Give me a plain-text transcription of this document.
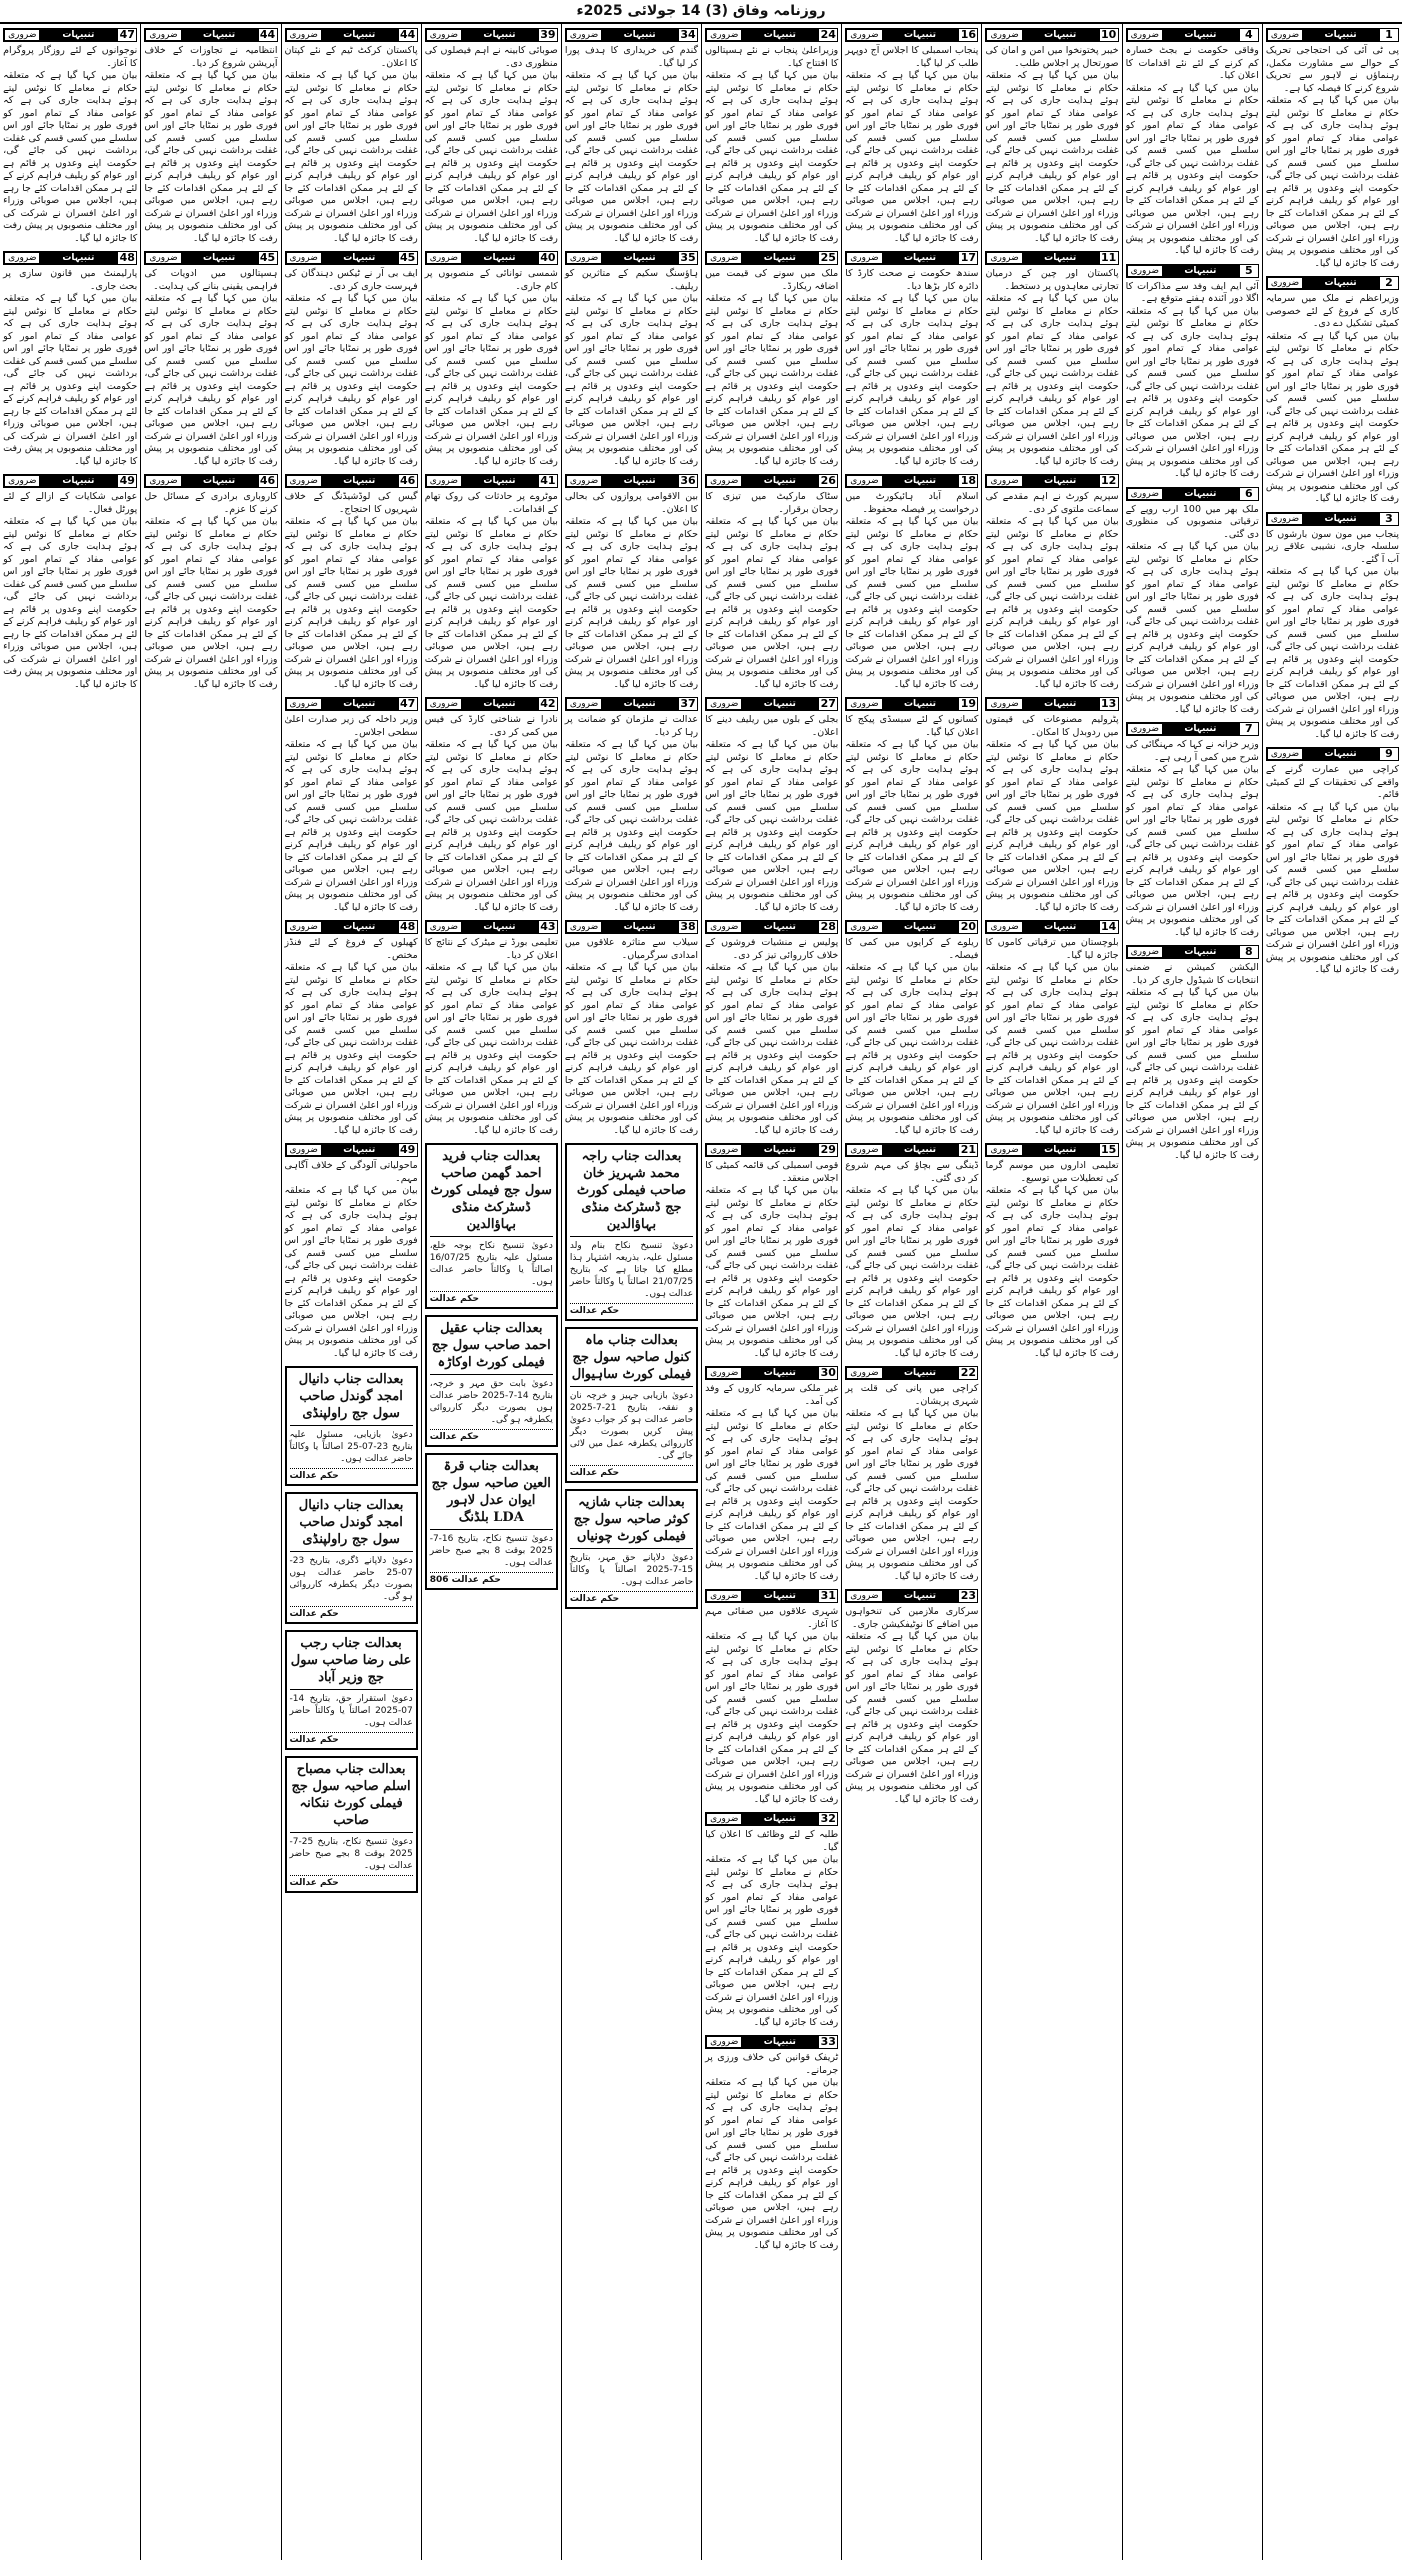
روزنامہ وفاق (3) 14 جولائی 2025ء
1
تنبیہات
ضروری
پی ٹی آئی کی احتجاجی تحریک کے حوالے سے مشاورت مکمل، رہنماؤں نے لاہور سے تحریک شروع کرنے کا فیصلہ کیا ہے۔
بیان میں کہا گیا ہے کہ متعلقہ حکام نے معاملے کا نوٹس لیتے ہوئے ہدایت جاری کی ہے کہ عوامی مفاد کے تمام امور کو فوری طور پر نمٹایا جائے اور اس سلسلے میں کسی قسم کی غفلت برداشت نہیں کی جائے گی، حکومت اپنے وعدوں پر قائم ہے اور عوام کو ریلیف فراہم کرنے کے لئے ہر ممکن اقدامات کئے جا رہے ہیں، اجلاس میں صوبائی وزراء اور اعلیٰ افسران نے شرکت کی اور مختلف منصوبوں پر پیش رفت کا جائزہ لیا گیا۔
2
تنبیہات
ضروری
وزیراعظم نے ملک میں سرمایہ کاری کے فروغ کے لئے خصوصی کمیٹی تشکیل دے دی۔
بیان میں کہا گیا ہے کہ متعلقہ حکام نے معاملے کا نوٹس لیتے ہوئے ہدایت جاری کی ہے کہ عوامی مفاد کے تمام امور کو فوری طور پر نمٹایا جائے اور اس سلسلے میں کسی قسم کی غفلت برداشت نہیں کی جائے گی، حکومت اپنے وعدوں پر قائم ہے اور عوام کو ریلیف فراہم کرنے کے لئے ہر ممکن اقدامات کئے جا رہے ہیں، اجلاس میں صوبائی وزراء اور اعلیٰ افسران نے شرکت کی اور مختلف منصوبوں پر پیش رفت کا جائزہ لیا گیا۔
3
تنبیہات
ضروری
پنجاب میں مون سون بارشوں کا سلسلہ جاری، نشیبی علاقے زیر آب آ گئے۔
بیان میں کہا گیا ہے کہ متعلقہ حکام نے معاملے کا نوٹس لیتے ہوئے ہدایت جاری کی ہے کہ عوامی مفاد کے تمام امور کو فوری طور پر نمٹایا جائے اور اس سلسلے میں کسی قسم کی غفلت برداشت نہیں کی جائے گی، حکومت اپنے وعدوں پر قائم ہے اور عوام کو ریلیف فراہم کرنے کے لئے ہر ممکن اقدامات کئے جا رہے ہیں، اجلاس میں صوبائی وزراء اور اعلیٰ افسران نے شرکت کی اور مختلف منصوبوں پر پیش رفت کا جائزہ لیا گیا۔
9
تنبیہات
ضروری
کراچی میں عمارت گرنے کے واقعے کی تحقیقات کے لئے کمیٹی قائم۔
بیان میں کہا گیا ہے کہ متعلقہ حکام نے معاملے کا نوٹس لیتے ہوئے ہدایت جاری کی ہے کہ عوامی مفاد کے تمام امور کو فوری طور پر نمٹایا جائے اور اس سلسلے میں کسی قسم کی غفلت برداشت نہیں کی جائے گی، حکومت اپنے وعدوں پر قائم ہے اور عوام کو ریلیف فراہم کرنے کے لئے ہر ممکن اقدامات کئے جا رہے ہیں، اجلاس میں صوبائی وزراء اور اعلیٰ افسران نے شرکت کی اور مختلف منصوبوں پر پیش رفت کا جائزہ لیا گیا۔
4
تنبیہات
ضروری
وفاقی حکومت نے بجٹ خسارہ کم کرنے کے لئے نئے اقدامات کا اعلان کیا۔
بیان میں کہا گیا ہے کہ متعلقہ حکام نے معاملے کا نوٹس لیتے ہوئے ہدایت جاری کی ہے کہ عوامی مفاد کے تمام امور کو فوری طور پر نمٹایا جائے اور اس سلسلے میں کسی قسم کی غفلت برداشت نہیں کی جائے گی، حکومت اپنے وعدوں پر قائم ہے اور عوام کو ریلیف فراہم کرنے کے لئے ہر ممکن اقدامات کئے جا رہے ہیں، اجلاس میں صوبائی وزراء اور اعلیٰ افسران نے شرکت کی اور مختلف منصوبوں پر پیش رفت کا جائزہ لیا گیا۔
5
تنبیہات
ضروری
آئی ایم ایف وفد سے مذاکرات کا اگلا دور آئندہ ہفتے متوقع ہے۔
بیان میں کہا گیا ہے کہ متعلقہ حکام نے معاملے کا نوٹس لیتے ہوئے ہدایت جاری کی ہے کہ عوامی مفاد کے تمام امور کو فوری طور پر نمٹایا جائے اور اس سلسلے میں کسی قسم کی غفلت برداشت نہیں کی جائے گی، حکومت اپنے وعدوں پر قائم ہے اور عوام کو ریلیف فراہم کرنے کے لئے ہر ممکن اقدامات کئے جا رہے ہیں، اجلاس میں صوبائی وزراء اور اعلیٰ افسران نے شرکت کی اور مختلف منصوبوں پر پیش رفت کا جائزہ لیا گیا۔
6
تنبیہات
ضروری
ملک بھر میں 100 ارب روپے کے ترقیاتی منصوبوں کی منظوری دی گئی۔
بیان میں کہا گیا ہے کہ متعلقہ حکام نے معاملے کا نوٹس لیتے ہوئے ہدایت جاری کی ہے کہ عوامی مفاد کے تمام امور کو فوری طور پر نمٹایا جائے اور اس سلسلے میں کسی قسم کی غفلت برداشت نہیں کی جائے گی، حکومت اپنے وعدوں پر قائم ہے اور عوام کو ریلیف فراہم کرنے کے لئے ہر ممکن اقدامات کئے جا رہے ہیں، اجلاس میں صوبائی وزراء اور اعلیٰ افسران نے شرکت کی اور مختلف منصوبوں پر پیش رفت کا جائزہ لیا گیا۔
7
تنبیہات
ضروری
وزیر خزانہ نے کہا کہ مہنگائی کی شرح میں کمی آ رہی ہے۔
بیان میں کہا گیا ہے کہ متعلقہ حکام نے معاملے کا نوٹس لیتے ہوئے ہدایت جاری کی ہے کہ عوامی مفاد کے تمام امور کو فوری طور پر نمٹایا جائے اور اس سلسلے میں کسی قسم کی غفلت برداشت نہیں کی جائے گی، حکومت اپنے وعدوں پر قائم ہے اور عوام کو ریلیف فراہم کرنے کے لئے ہر ممکن اقدامات کئے جا رہے ہیں، اجلاس میں صوبائی وزراء اور اعلیٰ افسران نے شرکت کی اور مختلف منصوبوں پر پیش رفت کا جائزہ لیا گیا۔
8
تنبیہات
ضروری
الیکشن کمیشن نے ضمنی انتخابات کا شیڈول جاری کر دیا۔
بیان میں کہا گیا ہے کہ متعلقہ حکام نے معاملے کا نوٹس لیتے ہوئے ہدایت جاری کی ہے کہ عوامی مفاد کے تمام امور کو فوری طور پر نمٹایا جائے اور اس سلسلے میں کسی قسم کی غفلت برداشت نہیں کی جائے گی، حکومت اپنے وعدوں پر قائم ہے اور عوام کو ریلیف فراہم کرنے کے لئے ہر ممکن اقدامات کئے جا رہے ہیں، اجلاس میں صوبائی وزراء اور اعلیٰ افسران نے شرکت کی اور مختلف منصوبوں پر پیش رفت کا جائزہ لیا گیا۔
10
تنبیہات
ضروری
خیبر پختونخوا میں امن و امان کی صورتحال پر اجلاس طلب۔
بیان میں کہا گیا ہے کہ متعلقہ حکام نے معاملے کا نوٹس لیتے ہوئے ہدایت جاری کی ہے کہ عوامی مفاد کے تمام امور کو فوری طور پر نمٹایا جائے اور اس سلسلے میں کسی قسم کی غفلت برداشت نہیں کی جائے گی، حکومت اپنے وعدوں پر قائم ہے اور عوام کو ریلیف فراہم کرنے کے لئے ہر ممکن اقدامات کئے جا رہے ہیں، اجلاس میں صوبائی وزراء اور اعلیٰ افسران نے شرکت کی اور مختلف منصوبوں پر پیش رفت کا جائزہ لیا گیا۔
11
تنبیہات
ضروری
پاکستان اور چین کے درمیان تجارتی معاہدوں پر دستخط۔
بیان میں کہا گیا ہے کہ متعلقہ حکام نے معاملے کا نوٹس لیتے ہوئے ہدایت جاری کی ہے کہ عوامی مفاد کے تمام امور کو فوری طور پر نمٹایا جائے اور اس سلسلے میں کسی قسم کی غفلت برداشت نہیں کی جائے گی، حکومت اپنے وعدوں پر قائم ہے اور عوام کو ریلیف فراہم کرنے کے لئے ہر ممکن اقدامات کئے جا رہے ہیں، اجلاس میں صوبائی وزراء اور اعلیٰ افسران نے شرکت کی اور مختلف منصوبوں پر پیش رفت کا جائزہ لیا گیا۔
12
تنبیہات
ضروری
سپریم کورٹ نے اہم مقدمے کی سماعت ملتوی کر دی۔
بیان میں کہا گیا ہے کہ متعلقہ حکام نے معاملے کا نوٹس لیتے ہوئے ہدایت جاری کی ہے کہ عوامی مفاد کے تمام امور کو فوری طور پر نمٹایا جائے اور اس سلسلے میں کسی قسم کی غفلت برداشت نہیں کی جائے گی، حکومت اپنے وعدوں پر قائم ہے اور عوام کو ریلیف فراہم کرنے کے لئے ہر ممکن اقدامات کئے جا رہے ہیں، اجلاس میں صوبائی وزراء اور اعلیٰ افسران نے شرکت کی اور مختلف منصوبوں پر پیش رفت کا جائزہ لیا گیا۔
13
تنبیہات
ضروری
پٹرولیم مصنوعات کی قیمتوں میں ردوبدل کا امکان۔
بیان میں کہا گیا ہے کہ متعلقہ حکام نے معاملے کا نوٹس لیتے ہوئے ہدایت جاری کی ہے کہ عوامی مفاد کے تمام امور کو فوری طور پر نمٹایا جائے اور اس سلسلے میں کسی قسم کی غفلت برداشت نہیں کی جائے گی، حکومت اپنے وعدوں پر قائم ہے اور عوام کو ریلیف فراہم کرنے کے لئے ہر ممکن اقدامات کئے جا رہے ہیں، اجلاس میں صوبائی وزراء اور اعلیٰ افسران نے شرکت کی اور مختلف منصوبوں پر پیش رفت کا جائزہ لیا گیا۔
14
تنبیہات
ضروری
بلوچستان میں ترقیاتی کاموں کا جائزہ لیا گیا۔
بیان میں کہا گیا ہے کہ متعلقہ حکام نے معاملے کا نوٹس لیتے ہوئے ہدایت جاری کی ہے کہ عوامی مفاد کے تمام امور کو فوری طور پر نمٹایا جائے اور اس سلسلے میں کسی قسم کی غفلت برداشت نہیں کی جائے گی، حکومت اپنے وعدوں پر قائم ہے اور عوام کو ریلیف فراہم کرنے کے لئے ہر ممکن اقدامات کئے جا رہے ہیں، اجلاس میں صوبائی وزراء اور اعلیٰ افسران نے شرکت کی اور مختلف منصوبوں پر پیش رفت کا جائزہ لیا گیا۔
15
تنبیہات
ضروری
تعلیمی اداروں میں موسم گرما کی تعطیلات میں توسیع۔
بیان میں کہا گیا ہے کہ متعلقہ حکام نے معاملے کا نوٹس لیتے ہوئے ہدایت جاری کی ہے کہ عوامی مفاد کے تمام امور کو فوری طور پر نمٹایا جائے اور اس سلسلے میں کسی قسم کی غفلت برداشت نہیں کی جائے گی، حکومت اپنے وعدوں پر قائم ہے اور عوام کو ریلیف فراہم کرنے کے لئے ہر ممکن اقدامات کئے جا رہے ہیں، اجلاس میں صوبائی وزراء اور اعلیٰ افسران نے شرکت کی اور مختلف منصوبوں پر پیش رفت کا جائزہ لیا گیا۔
16
تنبیہات
ضروری
پنجاب اسمبلی کا اجلاس آج دوپہر طلب کر لیا گیا۔
بیان میں کہا گیا ہے کہ متعلقہ حکام نے معاملے کا نوٹس لیتے ہوئے ہدایت جاری کی ہے کہ عوامی مفاد کے تمام امور کو فوری طور پر نمٹایا جائے اور اس سلسلے میں کسی قسم کی غفلت برداشت نہیں کی جائے گی، حکومت اپنے وعدوں پر قائم ہے اور عوام کو ریلیف فراہم کرنے کے لئے ہر ممکن اقدامات کئے جا رہے ہیں، اجلاس میں صوبائی وزراء اور اعلیٰ افسران نے شرکت کی اور مختلف منصوبوں پر پیش رفت کا جائزہ لیا گیا۔
17
تنبیہات
ضروری
سندھ حکومت نے صحت کارڈ کا دائرہ کار بڑھا دیا۔
بیان میں کہا گیا ہے کہ متعلقہ حکام نے معاملے کا نوٹس لیتے ہوئے ہدایت جاری کی ہے کہ عوامی مفاد کے تمام امور کو فوری طور پر نمٹایا جائے اور اس سلسلے میں کسی قسم کی غفلت برداشت نہیں کی جائے گی، حکومت اپنے وعدوں پر قائم ہے اور عوام کو ریلیف فراہم کرنے کے لئے ہر ممکن اقدامات کئے جا رہے ہیں، اجلاس میں صوبائی وزراء اور اعلیٰ افسران نے شرکت کی اور مختلف منصوبوں پر پیش رفت کا جائزہ لیا گیا۔
18
تنبیہات
ضروری
اسلام آباد ہائیکورٹ میں درخواست پر فیصلہ محفوظ۔
بیان میں کہا گیا ہے کہ متعلقہ حکام نے معاملے کا نوٹس لیتے ہوئے ہدایت جاری کی ہے کہ عوامی مفاد کے تمام امور کو فوری طور پر نمٹایا جائے اور اس سلسلے میں کسی قسم کی غفلت برداشت نہیں کی جائے گی، حکومت اپنے وعدوں پر قائم ہے اور عوام کو ریلیف فراہم کرنے کے لئے ہر ممکن اقدامات کئے جا رہے ہیں، اجلاس میں صوبائی وزراء اور اعلیٰ افسران نے شرکت کی اور مختلف منصوبوں پر پیش رفت کا جائزہ لیا گیا۔
19
تنبیہات
ضروری
کسانوں کے لئے سبسڈی پیکج کا اعلان کیا گیا۔
بیان میں کہا گیا ہے کہ متعلقہ حکام نے معاملے کا نوٹس لیتے ہوئے ہدایت جاری کی ہے کہ عوامی مفاد کے تمام امور کو فوری طور پر نمٹایا جائے اور اس سلسلے میں کسی قسم کی غفلت برداشت نہیں کی جائے گی، حکومت اپنے وعدوں پر قائم ہے اور عوام کو ریلیف فراہم کرنے کے لئے ہر ممکن اقدامات کئے جا رہے ہیں، اجلاس میں صوبائی وزراء اور اعلیٰ افسران نے شرکت کی اور مختلف منصوبوں پر پیش رفت کا جائزہ لیا گیا۔
20
تنبیہات
ضروری
ریلوے کے کرایوں میں کمی کا فیصلہ۔
بیان میں کہا گیا ہے کہ متعلقہ حکام نے معاملے کا نوٹس لیتے ہوئے ہدایت جاری کی ہے کہ عوامی مفاد کے تمام امور کو فوری طور پر نمٹایا جائے اور اس سلسلے میں کسی قسم کی غفلت برداشت نہیں کی جائے گی، حکومت اپنے وعدوں پر قائم ہے اور عوام کو ریلیف فراہم کرنے کے لئے ہر ممکن اقدامات کئے جا رہے ہیں، اجلاس میں صوبائی وزراء اور اعلیٰ افسران نے شرکت کی اور مختلف منصوبوں پر پیش رفت کا جائزہ لیا گیا۔
21
تنبیہات
ضروری
ڈینگی سے بچاؤ کی مہم شروع کر دی گئی۔
بیان میں کہا گیا ہے کہ متعلقہ حکام نے معاملے کا نوٹس لیتے ہوئے ہدایت جاری کی ہے کہ عوامی مفاد کے تمام امور کو فوری طور پر نمٹایا جائے اور اس سلسلے میں کسی قسم کی غفلت برداشت نہیں کی جائے گی، حکومت اپنے وعدوں پر قائم ہے اور عوام کو ریلیف فراہم کرنے کے لئے ہر ممکن اقدامات کئے جا رہے ہیں، اجلاس میں صوبائی وزراء اور اعلیٰ افسران نے شرکت کی اور مختلف منصوبوں پر پیش رفت کا جائزہ لیا گیا۔
22
تنبیہات
ضروری
کراچی میں پانی کی قلت پر شہری پریشان۔
بیان میں کہا گیا ہے کہ متعلقہ حکام نے معاملے کا نوٹس لیتے ہوئے ہدایت جاری کی ہے کہ عوامی مفاد کے تمام امور کو فوری طور پر نمٹایا جائے اور اس سلسلے میں کسی قسم کی غفلت برداشت نہیں کی جائے گی، حکومت اپنے وعدوں پر قائم ہے اور عوام کو ریلیف فراہم کرنے کے لئے ہر ممکن اقدامات کئے جا رہے ہیں، اجلاس میں صوبائی وزراء اور اعلیٰ افسران نے شرکت کی اور مختلف منصوبوں پر پیش رفت کا جائزہ لیا گیا۔
23
تنبیہات
ضروری
سرکاری ملازمین کی تنخواہوں میں اضافے کا نوٹیفکیشن جاری۔
بیان میں کہا گیا ہے کہ متعلقہ حکام نے معاملے کا نوٹس لیتے ہوئے ہدایت جاری کی ہے کہ عوامی مفاد کے تمام امور کو فوری طور پر نمٹایا جائے اور اس سلسلے میں کسی قسم کی غفلت برداشت نہیں کی جائے گی، حکومت اپنے وعدوں پر قائم ہے اور عوام کو ریلیف فراہم کرنے کے لئے ہر ممکن اقدامات کئے جا رہے ہیں، اجلاس میں صوبائی وزراء اور اعلیٰ افسران نے شرکت کی اور مختلف منصوبوں پر پیش رفت کا جائزہ لیا گیا۔
24
تنبیہات
ضروری
وزیراعلیٰ پنجاب نے نئے ہسپتالوں کا افتتاح کیا۔
بیان میں کہا گیا ہے کہ متعلقہ حکام نے معاملے کا نوٹس لیتے ہوئے ہدایت جاری کی ہے کہ عوامی مفاد کے تمام امور کو فوری طور پر نمٹایا جائے اور اس سلسلے میں کسی قسم کی غفلت برداشت نہیں کی جائے گی، حکومت اپنے وعدوں پر قائم ہے اور عوام کو ریلیف فراہم کرنے کے لئے ہر ممکن اقدامات کئے جا رہے ہیں، اجلاس میں صوبائی وزراء اور اعلیٰ افسران نے شرکت کی اور مختلف منصوبوں پر پیش رفت کا جائزہ لیا گیا۔
25
تنبیہات
ضروری
ملک میں سونے کی قیمت میں اضافہ ریکارڈ۔
بیان میں کہا گیا ہے کہ متعلقہ حکام نے معاملے کا نوٹس لیتے ہوئے ہدایت جاری کی ہے کہ عوامی مفاد کے تمام امور کو فوری طور پر نمٹایا جائے اور اس سلسلے میں کسی قسم کی غفلت برداشت نہیں کی جائے گی، حکومت اپنے وعدوں پر قائم ہے اور عوام کو ریلیف فراہم کرنے کے لئے ہر ممکن اقدامات کئے جا رہے ہیں، اجلاس میں صوبائی وزراء اور اعلیٰ افسران نے شرکت کی اور مختلف منصوبوں پر پیش رفت کا جائزہ لیا گیا۔
26
تنبیہات
ضروری
سٹاک مارکیٹ میں تیزی کا رجحان برقرار۔
بیان میں کہا گیا ہے کہ متعلقہ حکام نے معاملے کا نوٹس لیتے ہوئے ہدایت جاری کی ہے کہ عوامی مفاد کے تمام امور کو فوری طور پر نمٹایا جائے اور اس سلسلے میں کسی قسم کی غفلت برداشت نہیں کی جائے گی، حکومت اپنے وعدوں پر قائم ہے اور عوام کو ریلیف فراہم کرنے کے لئے ہر ممکن اقدامات کئے جا رہے ہیں، اجلاس میں صوبائی وزراء اور اعلیٰ افسران نے شرکت کی اور مختلف منصوبوں پر پیش رفت کا جائزہ لیا گیا۔
27
تنبیہات
ضروری
بجلی کے بلوں میں ریلیف دینے کا اعلان۔
بیان میں کہا گیا ہے کہ متعلقہ حکام نے معاملے کا نوٹس لیتے ہوئے ہدایت جاری کی ہے کہ عوامی مفاد کے تمام امور کو فوری طور پر نمٹایا جائے اور اس سلسلے میں کسی قسم کی غفلت برداشت نہیں کی جائے گی، حکومت اپنے وعدوں پر قائم ہے اور عوام کو ریلیف فراہم کرنے کے لئے ہر ممکن اقدامات کئے جا رہے ہیں، اجلاس میں صوبائی وزراء اور اعلیٰ افسران نے شرکت کی اور مختلف منصوبوں پر پیش رفت کا جائزہ لیا گیا۔
28
تنبیہات
ضروری
پولیس نے منشیات فروشوں کے خلاف کارروائی تیز کر دی۔
بیان میں کہا گیا ہے کہ متعلقہ حکام نے معاملے کا نوٹس لیتے ہوئے ہدایت جاری کی ہے کہ عوامی مفاد کے تمام امور کو فوری طور پر نمٹایا جائے اور اس سلسلے میں کسی قسم کی غفلت برداشت نہیں کی جائے گی، حکومت اپنے وعدوں پر قائم ہے اور عوام کو ریلیف فراہم کرنے کے لئے ہر ممکن اقدامات کئے جا رہے ہیں، اجلاس میں صوبائی وزراء اور اعلیٰ افسران نے شرکت کی اور مختلف منصوبوں پر پیش رفت کا جائزہ لیا گیا۔
29
تنبیہات
ضروری
قومی اسمبلی کی قائمہ کمیٹی کا اجلاس منعقد۔
بیان میں کہا گیا ہے کہ متعلقہ حکام نے معاملے کا نوٹس لیتے ہوئے ہدایت جاری کی ہے کہ عوامی مفاد کے تمام امور کو فوری طور پر نمٹایا جائے اور اس سلسلے میں کسی قسم کی غفلت برداشت نہیں کی جائے گی، حکومت اپنے وعدوں پر قائم ہے اور عوام کو ریلیف فراہم کرنے کے لئے ہر ممکن اقدامات کئے جا رہے ہیں، اجلاس میں صوبائی وزراء اور اعلیٰ افسران نے شرکت کی اور مختلف منصوبوں پر پیش رفت کا جائزہ لیا گیا۔
30
تنبیہات
ضروری
غیر ملکی سرمایہ کاروں کے وفد کی آمد۔
بیان میں کہا گیا ہے کہ متعلقہ حکام نے معاملے کا نوٹس لیتے ہوئے ہدایت جاری کی ہے کہ عوامی مفاد کے تمام امور کو فوری طور پر نمٹایا جائے اور اس سلسلے میں کسی قسم کی غفلت برداشت نہیں کی جائے گی، حکومت اپنے وعدوں پر قائم ہے اور عوام کو ریلیف فراہم کرنے کے لئے ہر ممکن اقدامات کئے جا رہے ہیں، اجلاس میں صوبائی وزراء اور اعلیٰ افسران نے شرکت کی اور مختلف منصوبوں پر پیش رفت کا جائزہ لیا گیا۔
31
تنبیہات
ضروری
شہری علاقوں میں صفائی مہم کا آغاز۔
بیان میں کہا گیا ہے کہ متعلقہ حکام نے معاملے کا نوٹس لیتے ہوئے ہدایت جاری کی ہے کہ عوامی مفاد کے تمام امور کو فوری طور پر نمٹایا جائے اور اس سلسلے میں کسی قسم کی غفلت برداشت نہیں کی جائے گی، حکومت اپنے وعدوں پر قائم ہے اور عوام کو ریلیف فراہم کرنے کے لئے ہر ممکن اقدامات کئے جا رہے ہیں، اجلاس میں صوبائی وزراء اور اعلیٰ افسران نے شرکت کی اور مختلف منصوبوں پر پیش رفت کا جائزہ لیا گیا۔
32
تنبیہات
ضروری
طلبہ کے لئے وظائف کا اعلان کیا گیا۔
بیان میں کہا گیا ہے کہ متعلقہ حکام نے معاملے کا نوٹس لیتے ہوئے ہدایت جاری کی ہے کہ عوامی مفاد کے تمام امور کو فوری طور پر نمٹایا جائے اور اس سلسلے میں کسی قسم کی غفلت برداشت نہیں کی جائے گی، حکومت اپنے وعدوں پر قائم ہے اور عوام کو ریلیف فراہم کرنے کے لئے ہر ممکن اقدامات کئے جا رہے ہیں، اجلاس میں صوبائی وزراء اور اعلیٰ افسران نے شرکت کی اور مختلف منصوبوں پر پیش رفت کا جائزہ لیا گیا۔
33
تنبیہات
ضروری
ٹریفک قوانین کی خلاف ورزی پر جرمانے۔
بیان میں کہا گیا ہے کہ متعلقہ حکام نے معاملے کا نوٹس لیتے ہوئے ہدایت جاری کی ہے کہ عوامی مفاد کے تمام امور کو فوری طور پر نمٹایا جائے اور اس سلسلے میں کسی قسم کی غفلت برداشت نہیں کی جائے گی، حکومت اپنے وعدوں پر قائم ہے اور عوام کو ریلیف فراہم کرنے کے لئے ہر ممکن اقدامات کئے جا رہے ہیں، اجلاس میں صوبائی وزراء اور اعلیٰ افسران نے شرکت کی اور مختلف منصوبوں پر پیش رفت کا جائزہ لیا گیا۔
34
تنبیہات
ضروری
گندم کی خریداری کا ہدف پورا کر لیا گیا۔
بیان میں کہا گیا ہے کہ متعلقہ حکام نے معاملے کا نوٹس لیتے ہوئے ہدایت جاری کی ہے کہ عوامی مفاد کے تمام امور کو فوری طور پر نمٹایا جائے اور اس سلسلے میں کسی قسم کی غفلت برداشت نہیں کی جائے گی، حکومت اپنے وعدوں پر قائم ہے اور عوام کو ریلیف فراہم کرنے کے لئے ہر ممکن اقدامات کئے جا رہے ہیں، اجلاس میں صوبائی وزراء اور اعلیٰ افسران نے شرکت کی اور مختلف منصوبوں پر پیش رفت کا جائزہ لیا گیا۔
35
تنبیہات
ضروری
ہاؤسنگ سکیم کے متاثرین کو ریلیف۔
بیان میں کہا گیا ہے کہ متعلقہ حکام نے معاملے کا نوٹس لیتے ہوئے ہدایت جاری کی ہے کہ عوامی مفاد کے تمام امور کو فوری طور پر نمٹایا جائے اور اس سلسلے میں کسی قسم کی غفلت برداشت نہیں کی جائے گی، حکومت اپنے وعدوں پر قائم ہے اور عوام کو ریلیف فراہم کرنے کے لئے ہر ممکن اقدامات کئے جا رہے ہیں، اجلاس میں صوبائی وزراء اور اعلیٰ افسران نے شرکت کی اور مختلف منصوبوں پر پیش رفت کا جائزہ لیا گیا۔
36
تنبیہات
ضروری
بین الاقوامی پروازوں کی بحالی کا اعلان۔
بیان میں کہا گیا ہے کہ متعلقہ حکام نے معاملے کا نوٹس لیتے ہوئے ہدایت جاری کی ہے کہ عوامی مفاد کے تمام امور کو فوری طور پر نمٹایا جائے اور اس سلسلے میں کسی قسم کی غفلت برداشت نہیں کی جائے گی، حکومت اپنے وعدوں پر قائم ہے اور عوام کو ریلیف فراہم کرنے کے لئے ہر ممکن اقدامات کئے جا رہے ہیں، اجلاس میں صوبائی وزراء اور اعلیٰ افسران نے شرکت کی اور مختلف منصوبوں پر پیش رفت کا جائزہ لیا گیا۔
37
تنبیہات
ضروری
عدالت نے ملزمان کو ضمانت پر رہا کر دیا۔
بیان میں کہا گیا ہے کہ متعلقہ حکام نے معاملے کا نوٹس لیتے ہوئے ہدایت جاری کی ہے کہ عوامی مفاد کے تمام امور کو فوری طور پر نمٹایا جائے اور اس سلسلے میں کسی قسم کی غفلت برداشت نہیں کی جائے گی، حکومت اپنے وعدوں پر قائم ہے اور عوام کو ریلیف فراہم کرنے کے لئے ہر ممکن اقدامات کئے جا رہے ہیں، اجلاس میں صوبائی وزراء اور اعلیٰ افسران نے شرکت کی اور مختلف منصوبوں پر پیش رفت کا جائزہ لیا گیا۔
38
تنبیہات
ضروری
سیلاب سے متاثرہ علاقوں میں امدادی سرگرمیاں۔
بیان میں کہا گیا ہے کہ متعلقہ حکام نے معاملے کا نوٹس لیتے ہوئے ہدایت جاری کی ہے کہ عوامی مفاد کے تمام امور کو فوری طور پر نمٹایا جائے اور اس سلسلے میں کسی قسم کی غفلت برداشت نہیں کی جائے گی، حکومت اپنے وعدوں پر قائم ہے اور عوام کو ریلیف فراہم کرنے کے لئے ہر ممکن اقدامات کئے جا رہے ہیں، اجلاس میں صوبائی وزراء اور اعلیٰ افسران نے شرکت کی اور مختلف منصوبوں پر پیش رفت کا جائزہ لیا گیا۔
بعدالت جناب راجہ محمد شہریز خان صاحب فیملی کورٹ جج ڈسٹرکٹ منڈی بہاؤالدین
دعویٰ تنسیخ نکاح بنام ولد مسئول علیہ، بذریعہ اشتہار ہذا مطلع کیا جاتا ہے کہ بتاریخ 21/07/25 اصالتاً یا وکالتاً حاضر عدالت ہوں۔
حکم عدالت
بعدالت جناب ماہ کنول صاحبہ سول جج فیملی کورٹ ساہیوال
دعویٰ بازیابی جہیز و خرچہ نان و نفقہ، بتاریخ 21-7-2025 حاضر عدالت ہو کر جواب دعویٰ پیش کریں بصورت دیگر کارروائی یکطرفہ عمل میں لائی جائے گی۔
حکم عدالت
بعدالت جناب شازیہ کوثر صاحبہ سول جج فیملی کورٹ چونیاں
دعویٰ دلاپانے حق مہر، بتاریخ 15-7-2025 اصالتاً یا وکالتاً حاضر عدالت ہوں۔
حکم عدالت
39
تنبیہات
ضروری
صوبائی کابینہ نے اہم فیصلوں کی منظوری دی۔
بیان میں کہا گیا ہے کہ متعلقہ حکام نے معاملے کا نوٹس لیتے ہوئے ہدایت جاری کی ہے کہ عوامی مفاد کے تمام امور کو فوری طور پر نمٹایا جائے اور اس سلسلے میں کسی قسم کی غفلت برداشت نہیں کی جائے گی، حکومت اپنے وعدوں پر قائم ہے اور عوام کو ریلیف فراہم کرنے کے لئے ہر ممکن اقدامات کئے جا رہے ہیں، اجلاس میں صوبائی وزراء اور اعلیٰ افسران نے شرکت کی اور مختلف منصوبوں پر پیش رفت کا جائزہ لیا گیا۔
40
تنبیہات
ضروری
شمسی توانائی کے منصوبوں پر کام جاری۔
بیان میں کہا گیا ہے کہ متعلقہ حکام نے معاملے کا نوٹس لیتے ہوئے ہدایت جاری کی ہے کہ عوامی مفاد کے تمام امور کو فوری طور پر نمٹایا جائے اور اس سلسلے میں کسی قسم کی غفلت برداشت نہیں کی جائے گی، حکومت اپنے وعدوں پر قائم ہے اور عوام کو ریلیف فراہم کرنے کے لئے ہر ممکن اقدامات کئے جا رہے ہیں، اجلاس میں صوبائی وزراء اور اعلیٰ افسران نے شرکت کی اور مختلف منصوبوں پر پیش رفت کا جائزہ لیا گیا۔
41
تنبیہات
ضروری
موٹروے پر حادثات کی روک تھام کے اقدامات۔
بیان میں کہا گیا ہے کہ متعلقہ حکام نے معاملے کا نوٹس لیتے ہوئے ہدایت جاری کی ہے کہ عوامی مفاد کے تمام امور کو فوری طور پر نمٹایا جائے اور اس سلسلے میں کسی قسم کی غفلت برداشت نہیں کی جائے گی، حکومت اپنے وعدوں پر قائم ہے اور عوام کو ریلیف فراہم کرنے کے لئے ہر ممکن اقدامات کئے جا رہے ہیں، اجلاس میں صوبائی وزراء اور اعلیٰ افسران نے شرکت کی اور مختلف منصوبوں پر پیش رفت کا جائزہ لیا گیا۔
42
تنبیہات
ضروری
نادرا نے شناختی کارڈ کی فیس میں کمی کر دی۔
بیان میں کہا گیا ہے کہ متعلقہ حکام نے معاملے کا نوٹس لیتے ہوئے ہدایت جاری کی ہے کہ عوامی مفاد کے تمام امور کو فوری طور پر نمٹایا جائے اور اس سلسلے میں کسی قسم کی غفلت برداشت نہیں کی جائے گی، حکومت اپنے وعدوں پر قائم ہے اور عوام کو ریلیف فراہم کرنے کے لئے ہر ممکن اقدامات کئے جا رہے ہیں، اجلاس میں صوبائی وزراء اور اعلیٰ افسران نے شرکت کی اور مختلف منصوبوں پر پیش رفت کا جائزہ لیا گیا۔
43
تنبیہات
ضروری
تعلیمی بورڈ نے میٹرک کے نتائج کا اعلان کر دیا۔
بیان میں کہا گیا ہے کہ متعلقہ حکام نے معاملے کا نوٹس لیتے ہوئے ہدایت جاری کی ہے کہ عوامی مفاد کے تمام امور کو فوری طور پر نمٹایا جائے اور اس سلسلے میں کسی قسم کی غفلت برداشت نہیں کی جائے گی، حکومت اپنے وعدوں پر قائم ہے اور عوام کو ریلیف فراہم کرنے کے لئے ہر ممکن اقدامات کئے جا رہے ہیں، اجلاس میں صوبائی وزراء اور اعلیٰ افسران نے شرکت کی اور مختلف منصوبوں پر پیش رفت کا جائزہ لیا گیا۔
بعدالت جناب فرید احمد گھمن صاحب سول جج فیملی کورٹ ڈسٹرکٹ منڈی بہاؤالدین
دعویٰ تنسیخ نکاح بوجہ خلع، مسئول علیہ بتاریخ 16/07/25 اصالتاً یا وکالتاً حاضر عدالت ہوں۔
حکم عدالت
بعدالت جناب عقیل احمد صاحب سول جج فیملی کورٹ اوکاڑہ
دعویٰ بابت حق مہر و خرچہ، بتاریخ 14-7-2025 حاضر عدالت ہوں بصورت دیگر کارروائی یکطرفہ ہو گی۔
حکم عدالت
بعدالت جناب قرۃ العین صاحبہ سول جج ایوان عدل لاہور LDA بلڈنگ
دعویٰ تنسیخ نکاح، بتاریخ 16-7-2025 بوقت 8 بجے صبح حاضر عدالت ہوں۔
حکم عدالت 806
44
تنبیہات
ضروری
پاکستان کرکٹ ٹیم کے نئے کپتان کا اعلان۔
بیان میں کہا گیا ہے کہ متعلقہ حکام نے معاملے کا نوٹس لیتے ہوئے ہدایت جاری کی ہے کہ عوامی مفاد کے تمام امور کو فوری طور پر نمٹایا جائے اور اس سلسلے میں کسی قسم کی غفلت برداشت نہیں کی جائے گی، حکومت اپنے وعدوں پر قائم ہے اور عوام کو ریلیف فراہم کرنے کے لئے ہر ممکن اقدامات کئے جا رہے ہیں، اجلاس میں صوبائی وزراء اور اعلیٰ افسران نے شرکت کی اور مختلف منصوبوں پر پیش رفت کا جائزہ لیا گیا۔
45
تنبیہات
ضروری
ایف بی آر نے ٹیکس دہندگان کی فہرست جاری کر دی۔
بیان میں کہا گیا ہے کہ متعلقہ حکام نے معاملے کا نوٹس لیتے ہوئے ہدایت جاری کی ہے کہ عوامی مفاد کے تمام امور کو فوری طور پر نمٹایا جائے اور اس سلسلے میں کسی قسم کی غفلت برداشت نہیں کی جائے گی، حکومت اپنے وعدوں پر قائم ہے اور عوام کو ریلیف فراہم کرنے کے لئے ہر ممکن اقدامات کئے جا رہے ہیں، اجلاس میں صوبائی وزراء اور اعلیٰ افسران نے شرکت کی اور مختلف منصوبوں پر پیش رفت کا جائزہ لیا گیا۔
46
تنبیہات
ضروری
گیس کی لوڈشیڈنگ کے خلاف شہریوں کا احتجاج۔
بیان میں کہا گیا ہے کہ متعلقہ حکام نے معاملے کا نوٹس لیتے ہوئے ہدایت جاری کی ہے کہ عوامی مفاد کے تمام امور کو فوری طور پر نمٹایا جائے اور اس سلسلے میں کسی قسم کی غفلت برداشت نہیں کی جائے گی، حکومت اپنے وعدوں پر قائم ہے اور عوام کو ریلیف فراہم کرنے کے لئے ہر ممکن اقدامات کئے جا رہے ہیں، اجلاس میں صوبائی وزراء اور اعلیٰ افسران نے شرکت کی اور مختلف منصوبوں پر پیش رفت کا جائزہ لیا گیا۔
47
تنبیہات
ضروری
وزیر داخلہ کی زیر صدارت اعلیٰ سطحی اجلاس۔
بیان میں کہا گیا ہے کہ متعلقہ حکام نے معاملے کا نوٹس لیتے ہوئے ہدایت جاری کی ہے کہ عوامی مفاد کے تمام امور کو فوری طور پر نمٹایا جائے اور اس سلسلے میں کسی قسم کی غفلت برداشت نہیں کی جائے گی، حکومت اپنے وعدوں پر قائم ہے اور عوام کو ریلیف فراہم کرنے کے لئے ہر ممکن اقدامات کئے جا رہے ہیں، اجلاس میں صوبائی وزراء اور اعلیٰ افسران نے شرکت کی اور مختلف منصوبوں پر پیش رفت کا جائزہ لیا گیا۔
48
تنبیہات
ضروری
کھیلوں کے فروغ کے لئے فنڈز مختص۔
بیان میں کہا گیا ہے کہ متعلقہ حکام نے معاملے کا نوٹس لیتے ہوئے ہدایت جاری کی ہے کہ عوامی مفاد کے تمام امور کو فوری طور پر نمٹایا جائے اور اس سلسلے میں کسی قسم کی غفلت برداشت نہیں کی جائے گی، حکومت اپنے وعدوں پر قائم ہے اور عوام کو ریلیف فراہم کرنے کے لئے ہر ممکن اقدامات کئے جا رہے ہیں، اجلاس میں صوبائی وزراء اور اعلیٰ افسران نے شرکت کی اور مختلف منصوبوں پر پیش رفت کا جائزہ لیا گیا۔
49
تنبیہات
ضروری
ماحولیاتی آلودگی کے خلاف آگاہی مہم۔
بیان میں کہا گیا ہے کہ متعلقہ حکام نے معاملے کا نوٹس لیتے ہوئے ہدایت جاری کی ہے کہ عوامی مفاد کے تمام امور کو فوری طور پر نمٹایا جائے اور اس سلسلے میں کسی قسم کی غفلت برداشت نہیں کی جائے گی، حکومت اپنے وعدوں پر قائم ہے اور عوام کو ریلیف فراہم کرنے کے لئے ہر ممکن اقدامات کئے جا رہے ہیں، اجلاس میں صوبائی وزراء اور اعلیٰ افسران نے شرکت کی اور مختلف منصوبوں پر پیش رفت کا جائزہ لیا گیا۔
بعدالت جناب دانیال امجد گوندل صاحب سول جج راولپنڈی
دعویٰ بازیابی، مسئول علیہ بتاریخ 23-07-25 اصالتاً یا وکالتاً حاضر عدالت ہوں۔
حکم عدالت
بعدالت جناب دانیال امجد گوندل صاحب سول جج راولپنڈی
دعویٰ دلاپانے ڈگری، بتاریخ 23-07-25 حاضر عدالت ہوں بصورت دیگر یکطرفہ کارروائی ہو گی۔
حکم عدالت
بعدالت جناب رجب علی رضا صاحب سول جج وزیر آباد
دعویٰ استقرار حق، بتاریخ 14-07-2025 اصالتاً یا وکالتاً حاضر عدالت ہوں۔
حکم عدالت
بعدالت جناب مصباح اسلم صاحبہ سول جج فیملی کورٹ ننکانہ صاحب
دعویٰ تنسیخ نکاح، بتاریخ 25-7-2025 بوقت 8 بجے صبح حاضر عدالت ہوں۔
حکم عدالت
44
تنبیہات
ضروری
انتظامیہ نے تجاوزات کے خلاف آپریشن شروع کر دیا۔
بیان میں کہا گیا ہے کہ متعلقہ حکام نے معاملے کا نوٹس لیتے ہوئے ہدایت جاری کی ہے کہ عوامی مفاد کے تمام امور کو فوری طور پر نمٹایا جائے اور اس سلسلے میں کسی قسم کی غفلت برداشت نہیں کی جائے گی، حکومت اپنے وعدوں پر قائم ہے اور عوام کو ریلیف فراہم کرنے کے لئے ہر ممکن اقدامات کئے جا رہے ہیں، اجلاس میں صوبائی وزراء اور اعلیٰ افسران نے شرکت کی اور مختلف منصوبوں پر پیش رفت کا جائزہ لیا گیا۔
45
تنبیہات
ضروری
ہسپتالوں میں ادویات کی فراہمی یقینی بنانے کی ہدایت۔
بیان میں کہا گیا ہے کہ متعلقہ حکام نے معاملے کا نوٹس لیتے ہوئے ہدایت جاری کی ہے کہ عوامی مفاد کے تمام امور کو فوری طور پر نمٹایا جائے اور اس سلسلے میں کسی قسم کی غفلت برداشت نہیں کی جائے گی، حکومت اپنے وعدوں پر قائم ہے اور عوام کو ریلیف فراہم کرنے کے لئے ہر ممکن اقدامات کئے جا رہے ہیں، اجلاس میں صوبائی وزراء اور اعلیٰ افسران نے شرکت کی اور مختلف منصوبوں پر پیش رفت کا جائزہ لیا گیا۔
46
تنبیہات
ضروری
کاروباری برادری کے مسائل حل کرنے کا عزم۔
بیان میں کہا گیا ہے کہ متعلقہ حکام نے معاملے کا نوٹس لیتے ہوئے ہدایت جاری کی ہے کہ عوامی مفاد کے تمام امور کو فوری طور پر نمٹایا جائے اور اس سلسلے میں کسی قسم کی غفلت برداشت نہیں کی جائے گی، حکومت اپنے وعدوں پر قائم ہے اور عوام کو ریلیف فراہم کرنے کے لئے ہر ممکن اقدامات کئے جا رہے ہیں، اجلاس میں صوبائی وزراء اور اعلیٰ افسران نے شرکت کی اور مختلف منصوبوں پر پیش رفت کا جائزہ لیا گیا۔
47
تنبیہات
ضروری
نوجوانوں کے لئے روزگار پروگرام کا آغاز۔
بیان میں کہا گیا ہے کہ متعلقہ حکام نے معاملے کا نوٹس لیتے ہوئے ہدایت جاری کی ہے کہ عوامی مفاد کے تمام امور کو فوری طور پر نمٹایا جائے اور اس سلسلے میں کسی قسم کی غفلت برداشت نہیں کی جائے گی، حکومت اپنے وعدوں پر قائم ہے اور عوام کو ریلیف فراہم کرنے کے لئے ہر ممکن اقدامات کئے جا رہے ہیں، اجلاس میں صوبائی وزراء اور اعلیٰ افسران نے شرکت کی اور مختلف منصوبوں پر پیش رفت کا جائزہ لیا گیا۔
48
تنبیہات
ضروری
پارلیمنٹ میں قانون سازی پر بحث جاری۔
بیان میں کہا گیا ہے کہ متعلقہ حکام نے معاملے کا نوٹس لیتے ہوئے ہدایت جاری کی ہے کہ عوامی مفاد کے تمام امور کو فوری طور پر نمٹایا جائے اور اس سلسلے میں کسی قسم کی غفلت برداشت نہیں کی جائے گی، حکومت اپنے وعدوں پر قائم ہے اور عوام کو ریلیف فراہم کرنے کے لئے ہر ممکن اقدامات کئے جا رہے ہیں، اجلاس میں صوبائی وزراء اور اعلیٰ افسران نے شرکت کی اور مختلف منصوبوں پر پیش رفت کا جائزہ لیا گیا۔
49
تنبیہات
ضروری
عوامی شکایات کے ازالے کے لئے پورٹل فعال۔
بیان میں کہا گیا ہے کہ متعلقہ حکام نے معاملے کا نوٹس لیتے ہوئے ہدایت جاری کی ہے کہ عوامی مفاد کے تمام امور کو فوری طور پر نمٹایا جائے اور اس سلسلے میں کسی قسم کی غفلت برداشت نہیں کی جائے گی، حکومت اپنے وعدوں پر قائم ہے اور عوام کو ریلیف فراہم کرنے کے لئے ہر ممکن اقدامات کئے جا رہے ہیں، اجلاس میں صوبائی وزراء اور اعلیٰ افسران نے شرکت کی اور مختلف منصوبوں پر پیش رفت کا جائزہ لیا گیا۔
